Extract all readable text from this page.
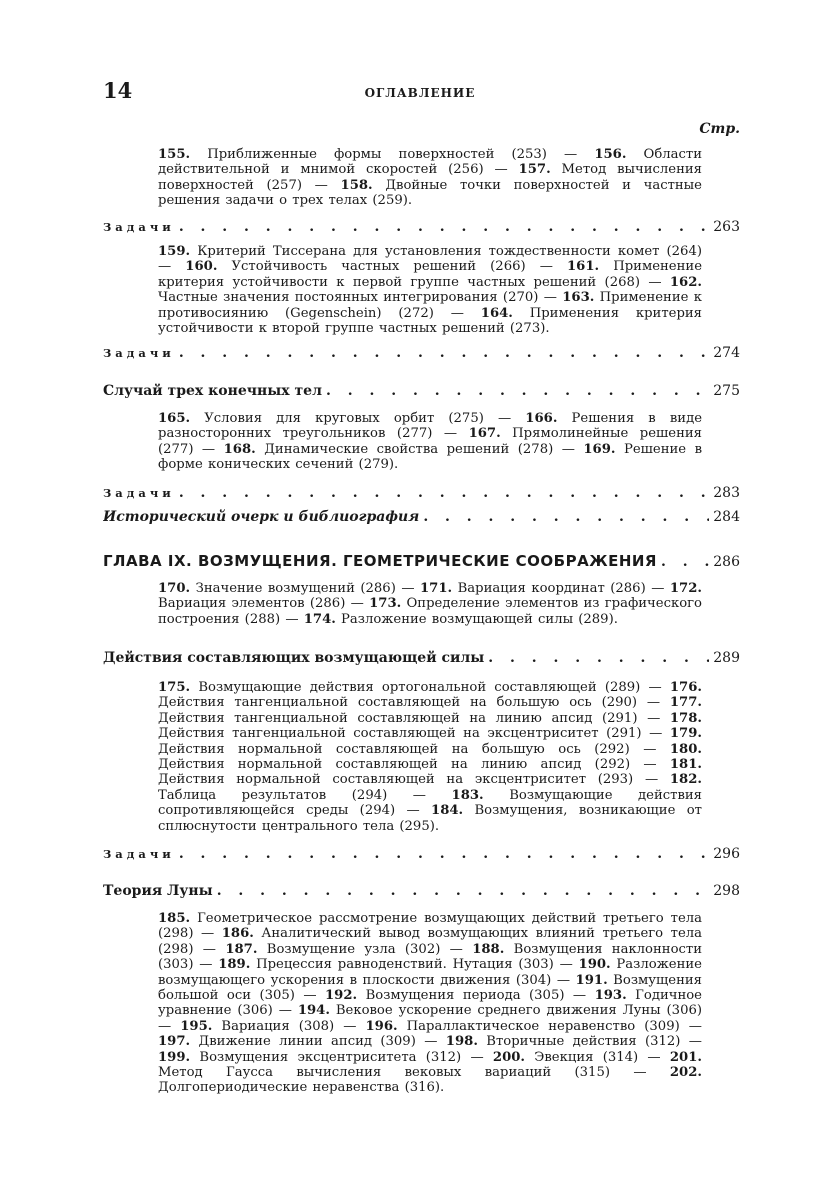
14	ОГЛАВЛЕНИЕ
Стр.
155. Приближенные формы поверхностей (253) — 156. Области действительной и мнимой скоростей (256) — 157. Метод вычисления поверхностей (257) — 158. Двойные точки поверхностей и частные решения задачи о трех телах (259).
Задачи . . .	263
159. Критерий Тиссерана для установления тождественности комет (264) — 160. Устойчивость частных решений (266) — 161. Применение критерия устойчивости к первой группе частных решений (268) — 162. Частные значения постоянных интегрирования (270) — 163. Применение к противосиянию (Gegenschein) (272) — 164. Применения критерия устойчивости к второй группе частных решений (273).
Задачи . . .	274
Случай трех конечных тел . . .	275
165. Условия для круговых орбит (275) — 166. Решения в виде разносторонних треугольников (277) — 167. Прямолинейные решения (277) — 168. Динамические свойства решений (278) — 169. Решение в форме конических сечений (279).
Задачи . . .	283
Исторический очерк и библиография . . .	284
ГЛАВА IX. ВОЗМУЩЕНИЯ. ГЕОМЕТРИЧЕСКИЕ СООБРАЖЕНИЯ . . .	286
170. Значение возмущений (286) — 171. Вариация координат (286) — 172. Вариация элементов (286) — 173. Определение элементов из графического построения (288) — 174. Разложение возмущающей силы (289).
Действия составляющих возмущающей силы . . .	289
175. Возмущающие действия ортогональной составляющей (289) — 176. Действия тангенциальной составляющей на большую ось (290) — 177. Действия тангенциальной составляющей на линию апсид (291) — 178. Действия тангенциальной составляющей на эксцентриситет (291) — 179. Действия нормальной составляющей на большую ось (292) — 180. Действия нормальной составляющей на линию апсид (292) — 181. Действия нормальной составляющей на эксцентриситет (293) — 182. Таблица результатов (294) — 183. Возмущающие действия сопротивляющейся среды (294) — 184. Возмущения, возникающие от сплюснутости центрального тела (295).
Задачи . . .	296
Теория Луны . . .	298
185. Геометрическое рассмотрение возмущающих действий третьего тела (298) — 186. Аналитический вывод возмущающих влияний третьего тела (298) — 187. Возмущение узла (302) — 188. Возмущения наклонности (303) — 189. Прецессия равноденствий. Нутация (303) — 190. Разложение возмущающего ускорения в плоскости движения (304) — 191. Возмущения большой оси (305) — 192. Возмущения периода (305) — 193. Годичное уравнение (306) — 194. Вековое ускорение среднего движения Луны (306) — 195. Вариация (308) — 196. Параллактическое неравенство (309) — 197. Движение линии апсид (309) — 198. Вторичные действия (312) — 199. Возмущения эксцентриситета (312) — 200. Эвекция (314) — 201. Метод Гаусса вычисления вековых вариаций (315) — 202. Долгопериодические неравенства (316).
